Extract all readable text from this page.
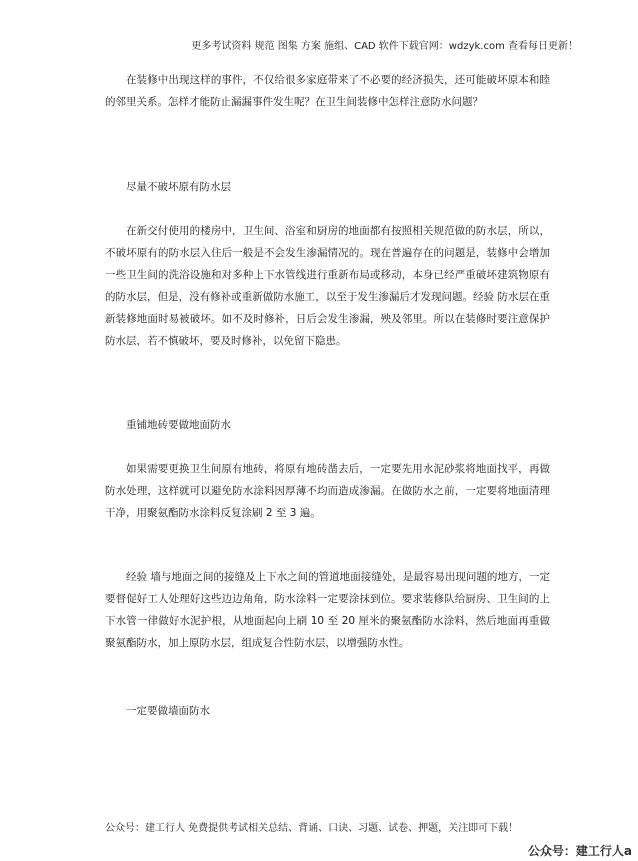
更多考试资料 规范 图集 方案 施组、CAD 软件下载官网：wdzyk.com 查看每日更新！

在装修中出现这样的事件，不仅给很多家庭带来了不必要的经济损失，还可能破坏原本和睦的邻里关系。怎样才能防止漏漏事件发生呢？在卫生间装修中怎样注意防水问题？

尽量不破坏原有防水层

在新交付使用的楼房中，卫生间、浴室和厨房的地面都有按照相关规范做的防水层，所以，不破坏原有的防水层入住后一般是不会发生渗漏情况的。现在普遍存在的问题是，装修中会增加一些卫生间的洗浴设施和对多种上下水管线进行重新布局或移动，本身已经严重破坏建筑物原有的防水层，但是，没有修补或重新做防水施工，以至于发生渗漏后才发现问题。经验 防水层在重新装修地面时易被破坏。如不及时修补，日后会发生渗漏，殃及邻里。所以在装修时要注意保护防水层，若不慎破坏，要及时修补，以免留下隐患。

重铺地砖要做地面防水

如果需要更换卫生间原有地砖，将原有地砖凿去后，一定要先用水泥砂浆将地面找平，再做防水处理，这样就可以避免防水涂料因厚薄不均而造成渗漏。在做防水之前，一定要将地面清理干净，用聚氨酯防水涂料反复涂刷 2 至 3 遍。

经验 墙与地面之间的接缝及上下水之间的管道地面接缝处，是最容易出现问题的地方，一定要督促好工人处理好这些边边角角，防水涂料一定要涂抹到位。要求装修队给厨房、卫生间的上下水管一律做好水泥护根，从地面起向上刷 10 至 20 厘米的聚氨酯防水涂料，然后地面再重做聚氨酯防水，加上原防水层，组成复合性防水层，以增强防水性。

一定要做墙面防水

公众号：建工行人 免费提供考试相关总结、背诵、口诀、习题、试卷、押题，关注即可下载！
公众号：建工行人a
